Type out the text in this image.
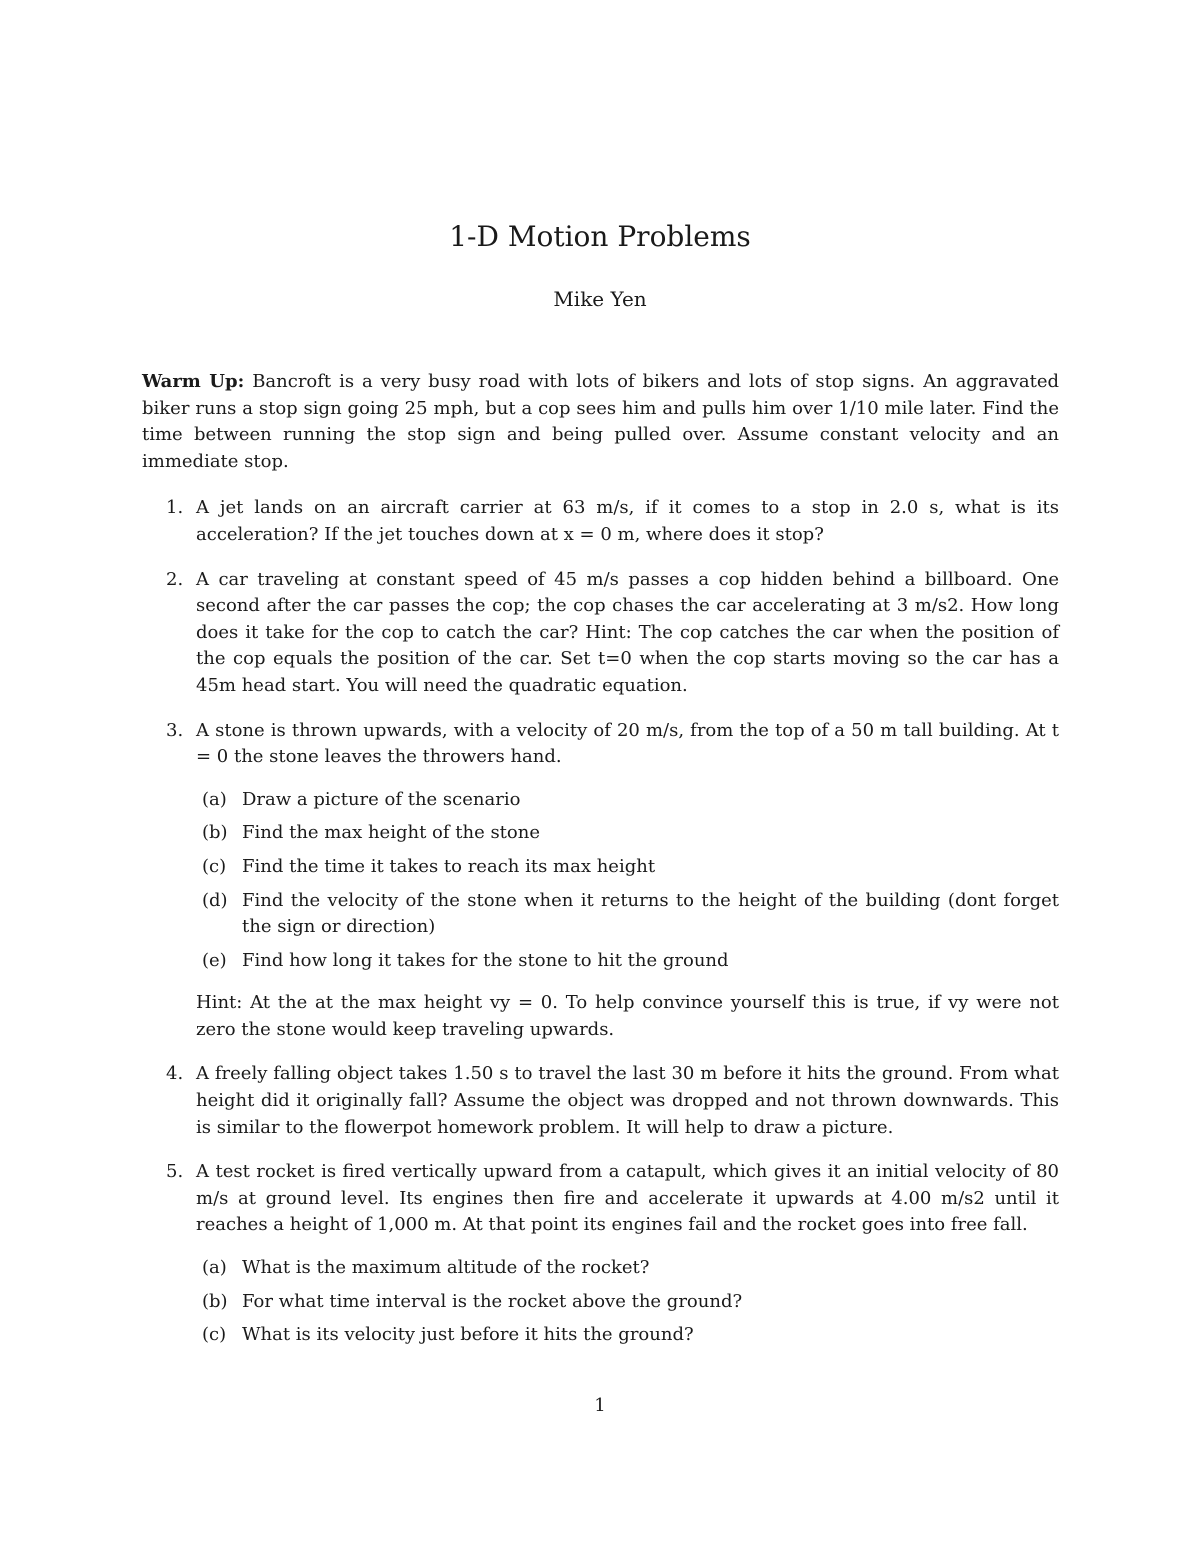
1-D Motion Problems
Mike Yen

Warm Up: Bancroft is a very busy road with lots of bikers and lots of stop signs. An aggravated biker runs a stop sign going 25 mph, but a cop sees him and pulls him over 1/10 mile later. Find the time between running the stop sign and being pulled over. Assume constant velocity and an immediate stop.

1. A jet lands on an aircraft carrier at 63 m/s, if it comes to a stop in 2.0 s, what is its acceleration? If the jet touches down at x = 0 m, where does it stop?

2. A car traveling at constant speed of 45 m/s passes a cop hidden behind a billboard. One second after the car passes the cop; the cop chases the car accelerating at 3 m/s2. How long does it take for the cop to catch the car? Hint: The cop catches the car when the position of the cop equals the position of the car. Set t=0 when the cop starts moving so the car has a 45m head start. You will need the quadratic equation.

3. A stone is thrown upwards, with a velocity of 20 m/s, from the top of a 50 m tall building. At t = 0 the stone leaves the throwers hand.

(a) Draw a picture of the scenario
(b) Find the max height of the stone
(c) Find the time it takes to reach its max height
(d) Find the velocity of the stone when it returns to the height of the building (dont forget the sign or direction)
(e) Find how long it takes for the stone to hit the ground

Hint: At the at the max height vy = 0. To help convince yourself this is true, if vy were not zero the stone would keep traveling upwards.

4. A freely falling object takes 1.50 s to travel the last 30 m before it hits the ground. From what height did it originally fall? Assume the object was dropped and not thrown downwards. This is similar to the flowerpot homework problem. It will help to draw a picture.

5. A test rocket is fired vertically upward from a catapult, which gives it an initial velocity of 80 m/s at ground level. Its engines then fire and accelerate it upwards at 4.00 m/s2 until it reaches a height of 1,000 m. At that point its engines fail and the rocket goes into free fall.

(a) What is the maximum altitude of the rocket?
(b) For what time interval is the rocket above the ground?
(c) What is its velocity just before it hits the ground?
1
